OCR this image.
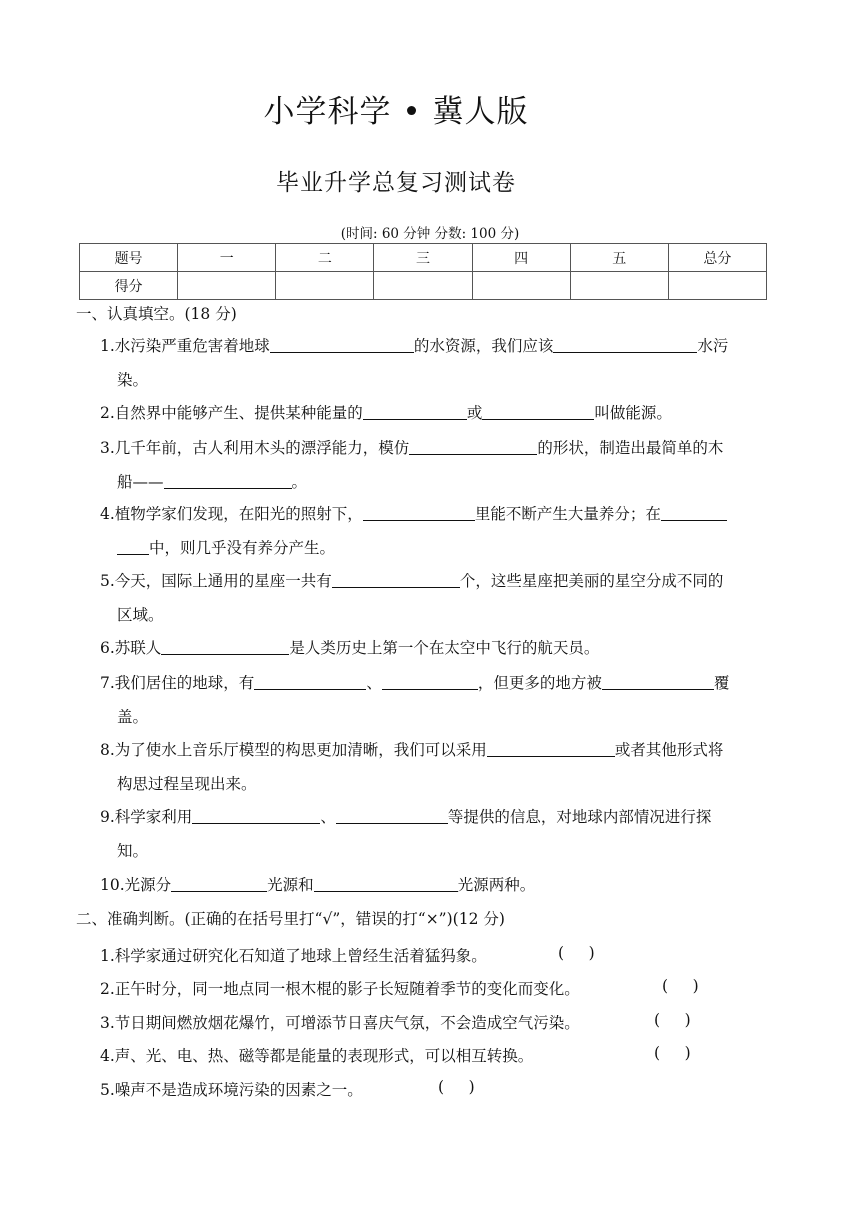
小学科学 • 冀人版
毕业升学总复习测试卷
(时间: 60 分钟 分数: 100 分)
题号	一	二	三	四	五	总分
得分						
一、认真填空。(18 分)
1.水污染严重危害着地球	的水资源，我们应该	水污
染。
2.自然界中能够产生、提供某种能量的	或	叫做能源。
3.几千年前，古人利用木头的漂浮能力，模仿	的形状，制造出最简单的木
船——	。
4.植物学家们发现，在阳光的照射下，	里能不断产生大量养分；在
中，则几乎没有养分产生。
5.今天，国际上通用的星座一共有	个，这些星座把美丽的星空分成不同的
区域。
6.苏联人	是人类历史上第一个在太空中飞行的航天员。
7.我们居住的地球，有	、	，但更多的地方被	覆
盖。
8.为了使水上音乐厅模型的构思更加清晰，我们可以采用	或者其他形式将
构思过程呈现出来。
9.科学家利用	、	等提供的信息，对地球内部情况进行探
知。
10.光源分	光源和	光源两种。
二、准确判断。(正确的在括号里打“√”，错误的打“×”)(12 分)
1.科学家通过研究化石知道了地球上曾经生活着猛犸象。	(     )
2.正午时分，同一地点同一根木棍的影子长短随着季节的变化而变化。	(     )
3.节日期间燃放烟花爆竹，可增添节日喜庆气氛，不会造成空气污染。	(     )
4.声、光、电、热、磁等都是能量的表现形式，可以相互转换。	(     )
5.噪声不是造成环境污染的因素之一。	(     )
